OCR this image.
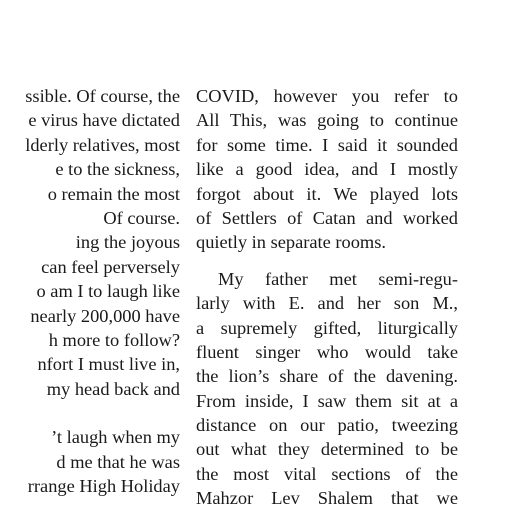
ssible. Of course, the
e virus have dictated
lderly relatives, most
e to the sickness,
o remain the most
Of course.
ing the joyous
can feel perversely
o am I to laugh like
nearly 200,000 have
h more to follow?
nfort I must live in,
my head back and
’t laugh when my
d me that he was
rrange High Holiday
COVID, however you refer to
All This, was going to continue
for some time. I said it sounded
like a good idea, and I mostly
forgot about it. We played lots
of Settlers of Catan and worked
quietly in separate rooms.
My father met semi-regu-
larly with E. and her son M.,
a supremely gifted, liturgically
fluent singer who would take
the lion’s share of the davening.
From inside, I saw them sit at a
distance on our patio, tweezing
out what they determined to be
the most vital sections of the
Mahzor Lev Shalem that we
